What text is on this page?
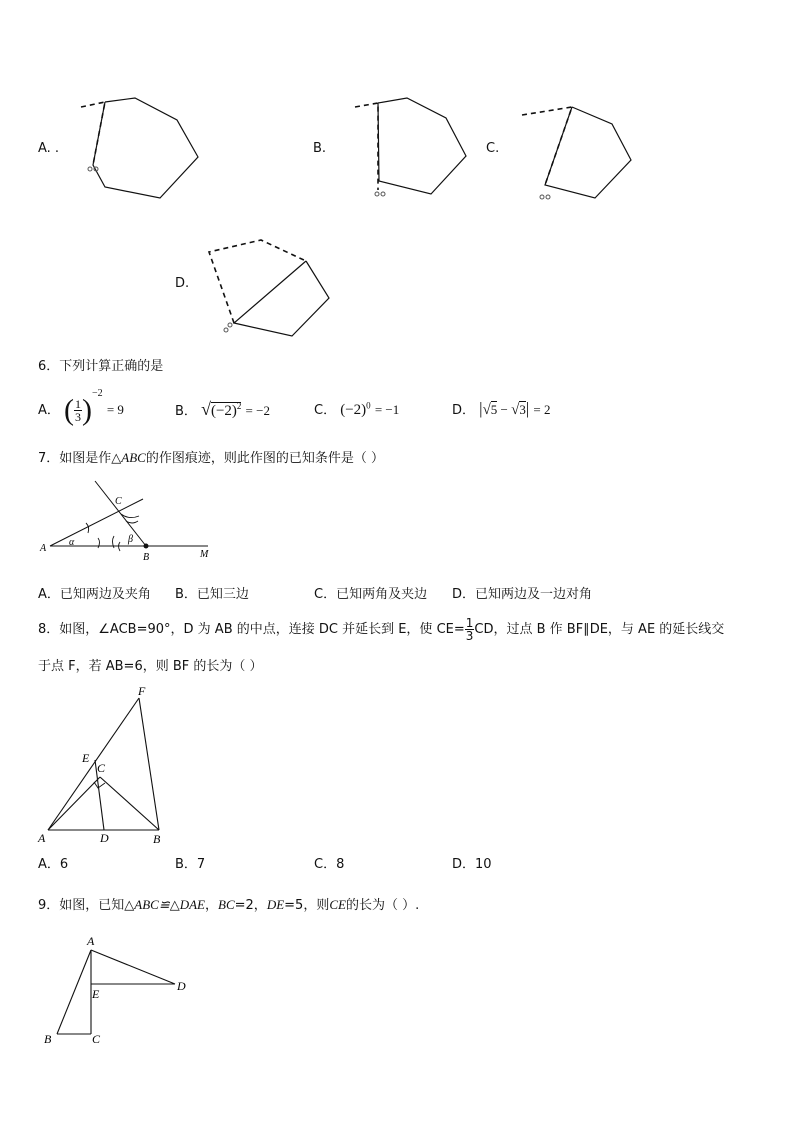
A. .	B.	C.
D.
6．下列计算正确的是
A． ( $\frac{1}{3} )^{-2} = 9$	B． $√(-2)^2 = -2$	C． $(-2)^0 = -1$	D． |√5 − √3| = 2
7．如图是作△ABC的作图痕迹，则此作图的已知条件是（ ）
A
C
B	M
α	β
A．已知两边及夹角 B．已知三边	C．已知两角及夹边 D．已知两边及一边对角
8．如图，∠ACB=90°，D 为 AB 的中点，连接 DC 并延长到 E，使 $CE= \frac{1}{3}$ CD，过点 B 作 BF∥DE，与 AE 的延长线交
于点 F，若 AB=6，则 BF 的长为（ ）
F
E
C
A	D	B
A．6	B．7	C．8	D．10
9．如图，已知△ABC≌△DAE，BC=2，DE=5，则CE的长为（ ）.
A
E
D
B	C
